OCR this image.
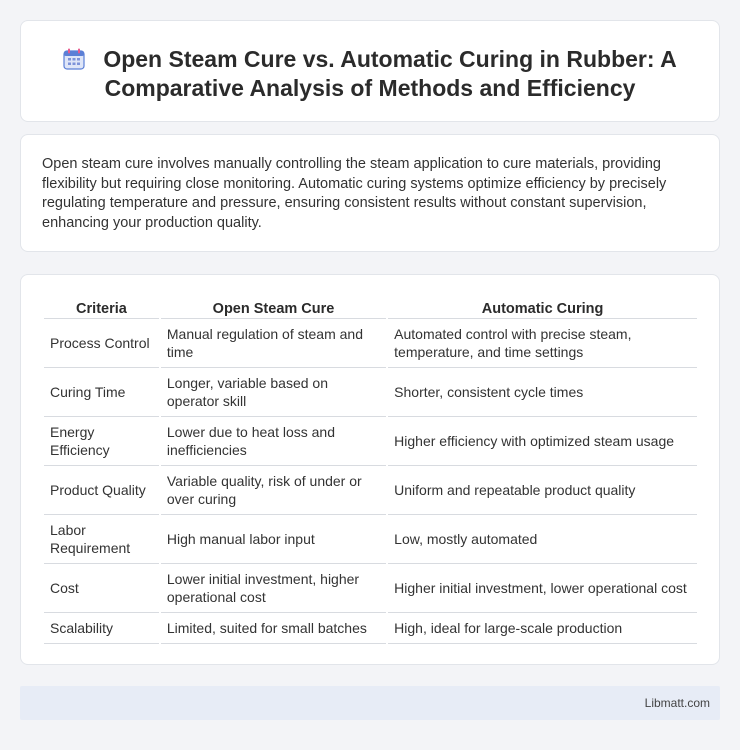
Open Steam Cure vs. Automatic Curing in Rubber: A Comparative Analysis of Methods and Efficiency

Open steam cure involves manually controlling the steam application to cure materials, providing flexibility but requiring close monitoring. Automatic curing systems optimize efficiency by precisely regulating temperature and pressure, ensuring consistent results without constant supervision, enhancing your production quality.

Criteria	Open Steam Cure	Automatic Curing
Process Control	Manual regulation of steam and time	Automated control with precise steam, temperature, and time settings
Curing Time	Longer, variable based on operator skill	Shorter, consistent cycle times
Energy Efficiency	Lower due to heat loss and inefficiencies	Higher efficiency with optimized steam usage
Product Quality	Variable quality, risk of under or over curing	Uniform and repeatable product quality
Labor Requirement	High manual labor input	Low, mostly automated
Cost	Lower initial investment, higher operational cost	Higher initial investment, lower operational cost
Scalability	Limited, suited for small batches	High, ideal for large-scale production
Libmatt.com
